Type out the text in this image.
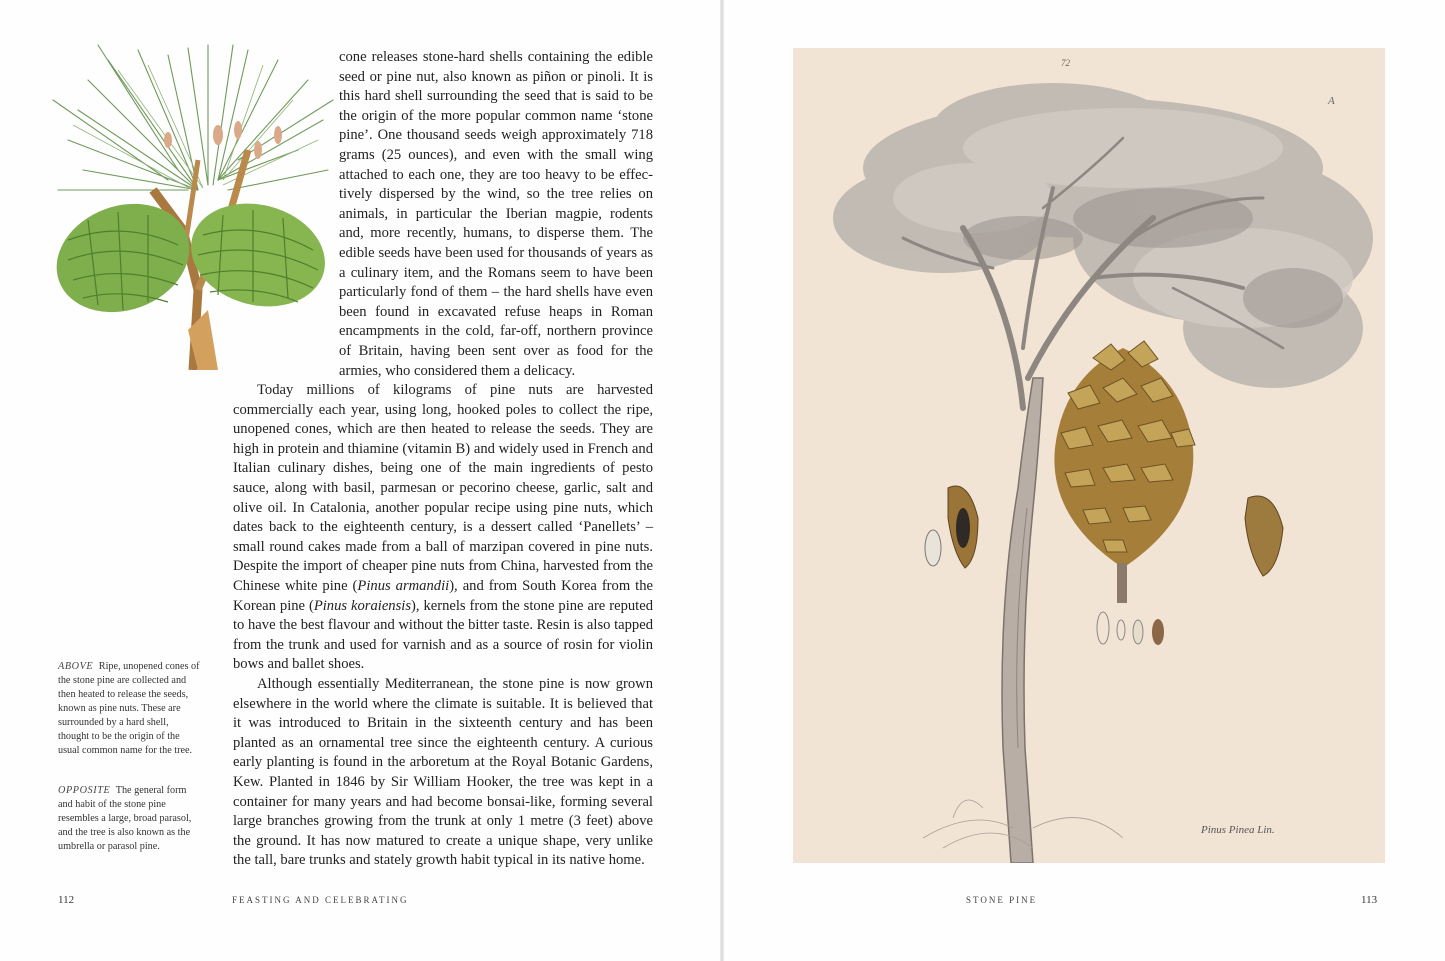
cone releases stone-hard shells containing the edible seed or pine nut, also known as piñon or pinoli. It is this hard shell surrounding the seed that is said to be the origin of the more popular common name ‘stone pine’. One thousand seeds weigh approximately 718 grams (25 ounces), and even with the small wing attached to each one, they are too heavy to be effectively dispersed by the wind, so the tree relies on animals, in particular the Iberian magpie, rodents and, more recently, humans, to disperse them. The edible seeds have been used for thousands of years as a culinary item, and the Romans seem to have been particularly fond of them – the hard shells have even been found in excavated refuse heaps in Roman encampments in the cold, far-off, northern province of Britain, having been sent over as food for the armies, who considered them a delicacy.

Today millions of kilograms of pine nuts are harvested commercially each year, using long, hooked poles to collect the ripe, unopened cones, which are then heated to release the seeds. They are high in protein and thiamine (vitamin B) and widely used in French and Italian culinary dishes, being one of the main ingredients of pesto sauce, along with basil, parmesan or pecorino cheese, garlic, salt and olive oil. In Catalonia, another popular recipe using pine nuts, which dates back to the eighteenth century, is a dessert called ‘Panellets’ – small round cakes made from a ball of marzipan covered in pine nuts. Despite the import of cheaper pine nuts from China, harvested from the Chinese white pine (Pinus armandii), and from South Korea from the Korean pine (Pinus koraiensis), kernels from the stone pine are reputed to have the best flavour and without the bitter taste. Resin is also tapped from the trunk and used for varnish and as a source of rosin for violin bows and ballet shoes.

Although essentially Mediterranean, the stone pine is now grown elsewhere in the world where the climate is suitable. It is believed that it was introduced to Britain in the sixteenth century and has been planted as an ornamental tree since the eighteenth century. A curious early planting is found in the arboretum at the Royal Botanic Gardens, Kew. Planted in 1846 by Sir William Hooker, the tree was kept in a container for many years and had become bonsai-like, forming several large branches growing from the trunk at only 1 metre (3 feet) above the ground. It has now matured to create a unique shape, very unlike the tall, bare trunks and stately growth habit typical in its native home.

ABOVE Ripe, unopened cones of the stone pine are collected and then heated to release the seeds, known as pine nuts. These are surrounded by a hard shell, thought to be the origin of the usual common name for the tree.

OPPOSITE The general form and habit of the stone pine resembles a large, broad parasol, and the tree is also known as the umbrella or parasol pine.

112	FEASTING AND CELEBRATING
72
A
Pinus Pinea Lin.
STONE PINE	113
